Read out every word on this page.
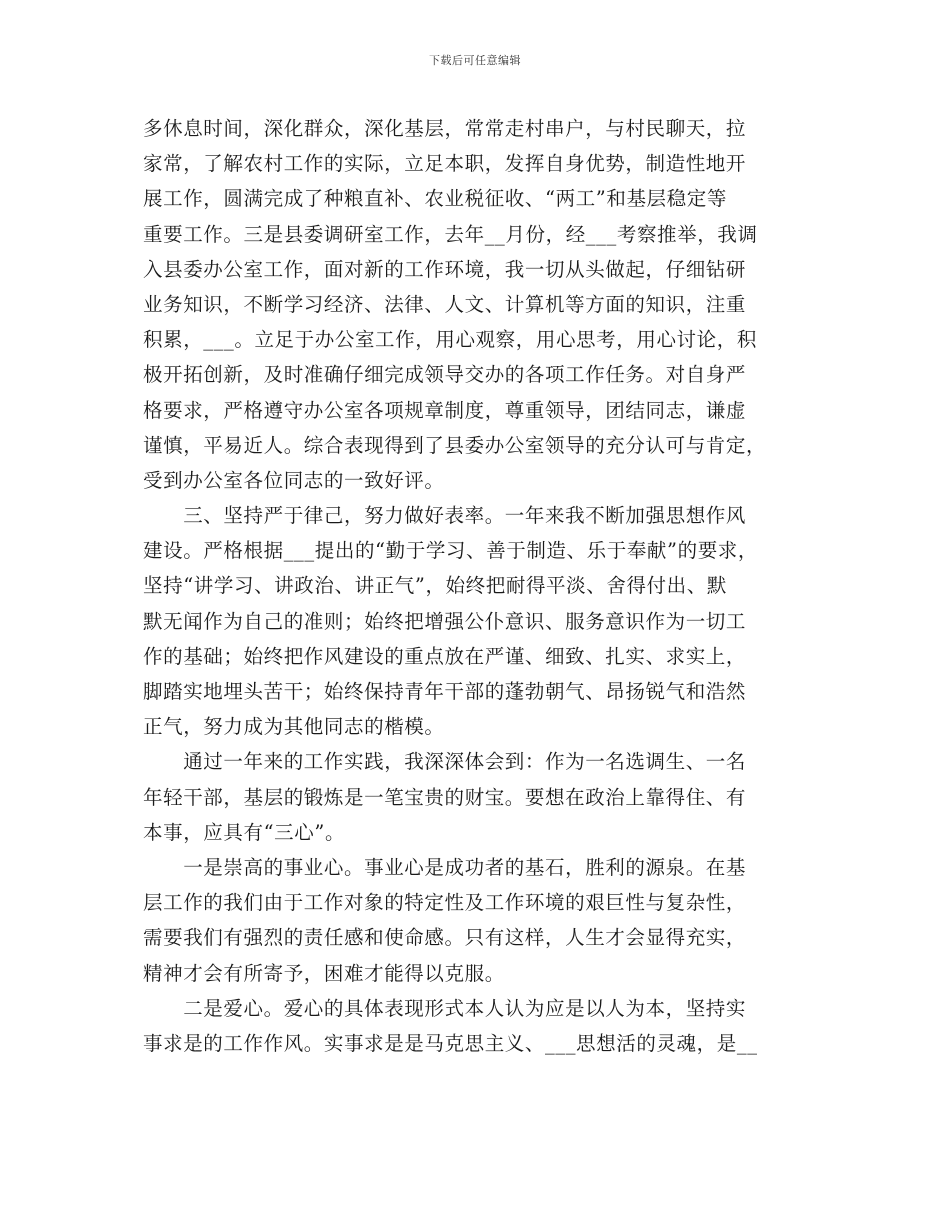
下载后可任意编辑
多休息时间，深化群众，深化基层，常常走村串户，与村民聊天，拉
家常，了解农村工作的实际，立足本职，发挥自身优势，制造性地开
展工作，圆满完成了种粮直补、农业税征收、“两工”和基层稳定等
重要工作。三是县委调研室工作，去年__月份，经___考察推举，我调
入县委办公室工作，面对新的工作环境，我一切从头做起，仔细钻研
业务知识，不断学习经济、法律、人文、计算机等方面的知识，注重
积累，___。立足于办公室工作，用心观察，用心思考，用心讨论，积
极开拓创新，及时准确仔细完成领导交办的各项工作任务。对自身严
格要求，严格遵守办公室各项规章制度，尊重领导，团结同志，谦虚
谨慎，平易近人。综合表现得到了县委办公室领导的充分认可与肯定，
受到办公室各位同志的一致好评。
　　三、坚持严于律己，努力做好表率。一年来我不断加强思想作风
建设。严格根据___提出的“勤于学习、善于制造、乐于奉献”的要求，
坚持“讲学习、讲政治、讲正气”，始终把耐得平淡、舍得付出、默
默无闻作为自己的准则；始终把增强公仆意识、服务意识作为一切工
作的基础；始终把作风建设的重点放在严谨、细致、扎实、求实上，
脚踏实地埋头苦干；始终保持青年干部的蓬勃朝气、昂扬锐气和浩然
正气，努力成为其他同志的楷模。
　　通过一年来的工作实践，我深深体会到：作为一名选调生、一名
年轻干部，基层的锻炼是一笔宝贵的财宝。要想在政治上靠得住、有
本事，应具有“三心”。
　　一是崇高的事业心。事业心是成功者的基石，胜利的源泉。在基
层工作的我们由于工作对象的特定性及工作环境的艰巨性与复杂性，
需要我们有强烈的责任感和使命感。只有这样，人生才会显得充实，
精神才会有所寄予，困难才能得以克服。
　　二是爱心。爱心的具体表现形式本人认为应是以人为本，坚持实
事求是的工作作风。实事求是是马克思主义、___思想活的灵魂，是__
